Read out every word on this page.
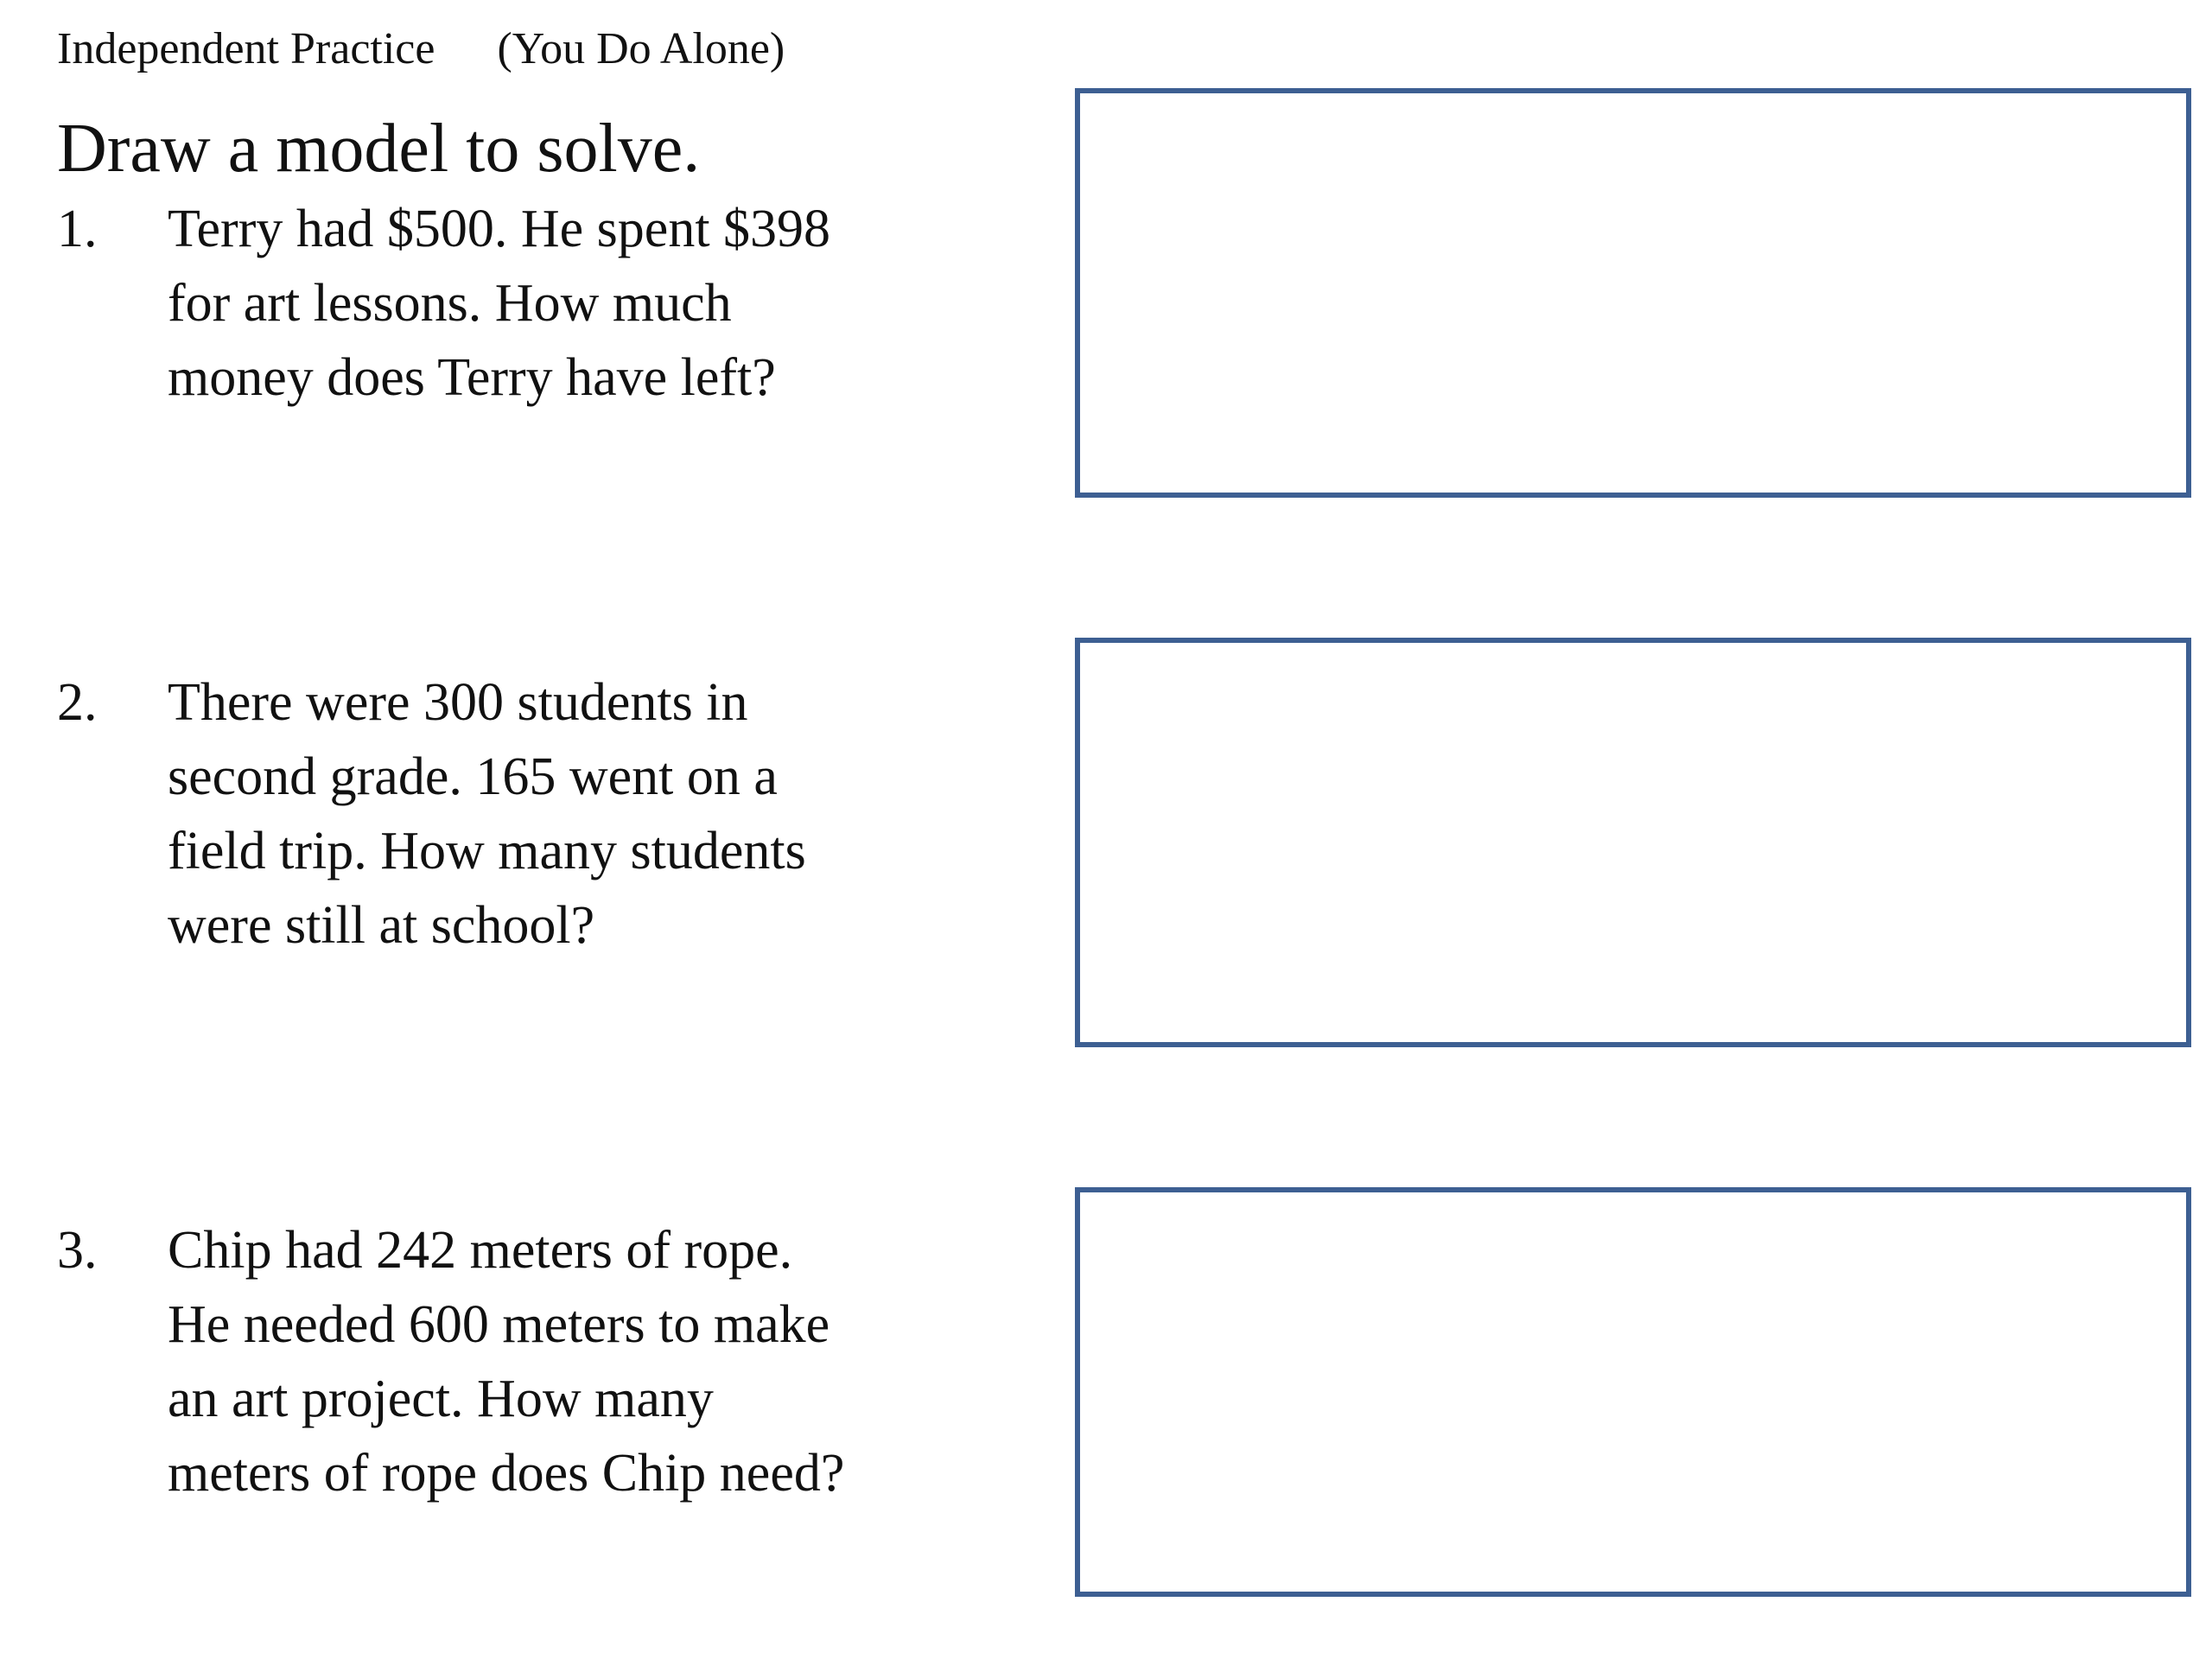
Independent Practice (You Do Alone)
Draw a model to solve.
1.	Terry had $500. He spent $398
for art lessons. How much
money does Terry have left?
2.	There were 300 students in
second grade. 165 went on a
field trip. How many students
were still at school?
3.	Chip had 242 meters of rope.
He needed 600 meters to make
an art project. How many
meters of rope does Chip need?
